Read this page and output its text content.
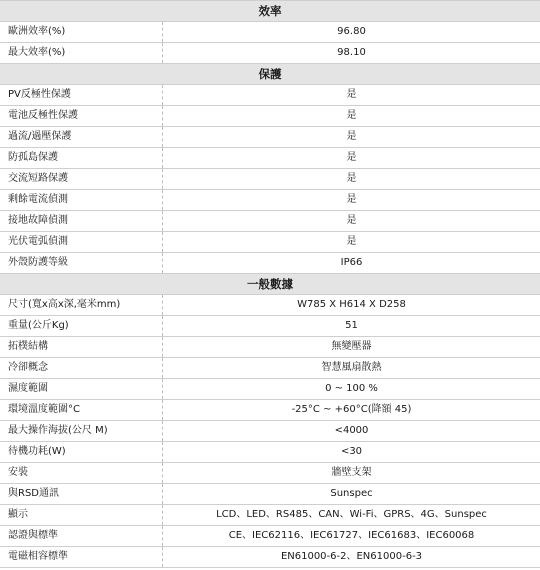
效率
歐洲效率(%)	96.80
最大效率(%)	98.10
保護
PV反極性保護	是
電池反極性保護	是
過流/過壓保護	是
防孤島保護	是
交流短路保護	是
剩餘電流偵測	是
接地故障偵測	是
光伏電弧偵測	是
外殼防護等級	IP66
一般數據
尺寸(寬x高x深,毫米mm)	W785 X H614 X D258
重量(公斤Kg)	51
拓樸結構	無變壓器
冷卻概念	智慧風扇散熱
濕度範圍	0 ~ 100 %
環境溫度範圍°C	-25°C ~ +60°C(降額 45)
最大操作海拔(公尺 M)	<4000
待機功耗(W)	<30
安裝	牆壁支架
與RSD通訊	Sunspec
顯示	LCD、LED、RS485、CAN、Wi-Fi、GPRS、4G、Sunspec
認證與標準	CE、IEC62116、IEC61727、IEC61683、IEC60068
電磁相容標準	EN61000-6-2、EN61000-6-3
